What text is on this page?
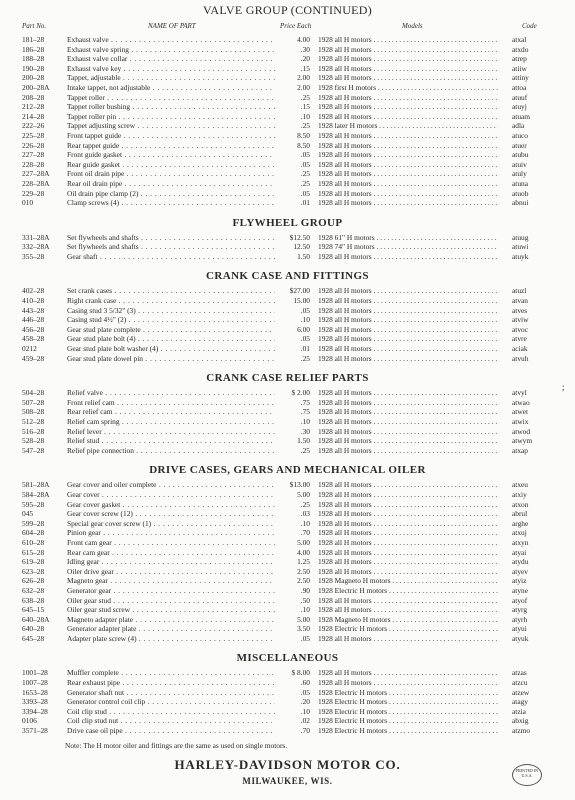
VALVE GROUP (CONTINUED)
Part No.	NAME OF PART	Price Each	Models	Code
181–28	Exhaust valve . . .	4.00 1928 all H motors . . .	atxal
186–28	Exhaust valve spring . . .	.30 1928 all H motors . . .	atxdo
188–28	Exhaust valve collar . . .	.20 1928 all H motors . . .	atrep
190–28	Exhaust valve key . . .	.15 1928 all H motors . . .	atiiw
200–28	Tappet, adjustable . . .	2.00 1928 all H motors . . .	attiny
200–28A	Intake tappet, not adjustable . . .	2.00 1928 first H motors . . .	attoa
208–28	Tappet roller . . .	.25 1928 all H motors . . .	atuuf
212–28	Tappet roller bushing . . .	.15 1928 all H motors . . .	atuyj
214–28	Tappet roller pin . . .	.10 1928 all H motors . . .	atuam
222–26	Tappet adjusting screw . . .	.25 1928 later H motors . . .	adla
225–28	Front tappet guide . . .	8.50 1928 all H motors . . .	atuco
226–28	Rear tappet guide . . .	8.50 1928 all H motors . . .	atuer
227–28	Front guide gasket . . .	.05 1928 all H motors . . .	atubu
228–28	Rear guide gasket . . .	.05 1928 all H motors . . .	atuiv
227–28A	Front oil drain pipe . . .	.25 1928 all H motors . . .	atuly
228–28A	Rear oil drain pipe . . .	.25 1928 all H motors . . .	atuna
229–28	Oil drain pipe clamp (2) . . .	.05 1928 all H motors . . .	atuob
010	Clamp screws (4) . . .	.01 1928 all H motors . . .	abnui
FLYWHEEL GROUP
331–28A	Set flywheels and shafts . . .	$12.50 1928 61" H motors . . .	atuug
332–28A	Set flywheels and shafts . . .	12.50 1928 74" H motors . . .	atuwi
355–28	Gear shaft . . .	1.50 1928 all H motors . . .	atuyk
CRANK CASE AND FITTINGS
402–28	Set crank cases . . .	$27.00 1928 all H motors . . .	atuzl
410–28	Right crank case . . .	15.00 1928 all H motors . . .	atvan
443–28	Casing stud 3 5/32" (3) . . .	.05 1928 all H motors . . .	atves
446–28	Casing stud 4½" (2) . . .	.10 1928 all H motors . . .	atviw
456–28	Gear stud plate complete . . .	6.00 1928 all H motors . . .	atvoc
458–28	Gear stud plate bolt (4) . . .	.05 1928 all H motors . . .	atvre
0212	Gear stud plate bolt washer (4) . . .	.01 1928 all H motors . . .	aciak
459–28	Gear stud plate dowel pin . . .	.25 1928 all H motors . . .	atvuh
CRANK CASE RELIEF PARTS
504–28	Relief valve . . .	$ 2.00 1928 all H motors . . .	atvyl
507–28	Front relief cam . . .	.75 1928 all H motors . . .	atwao
508–28	Rear relief cam . . .	.75 1928 all H motors . . .	atwet
512–28	Relief cam spring . . .	.10 1928 all H motors . . .	atwix
516–28	Relief lever . . .	.30 1928 all H motors . . .	atwod
528–28	Relief stud . . .	1.50 1928 all H motors . . .	atwym
547–28	Relief pipe connection . . .	.25 1928 all H motors . . .	atxap
DRIVE CASES, GEARS AND MECHANICAL OILER
581–28A	Gear cover and oiler complete . . .	$13.00 1928 all H motors . . .	atxeu
584–28A	Gear cover . . .	5.00 1928 all H motors . . .	atxiy
595–28	Gear cover gasket . . .	.25 1928 all H motors . . .	atxon
045	Gear cover screw (12) . . .	.03 1928 all H motors . . .	abrul
599–28	Special gear cover screw (1) . . .	.10 1928 all H motors . . .	arghe
604–28	Pinion gear . . .	.70 1928 all H motors . . .	atxuj
610–28	Front cam gear . . .	5.00 1928 all H motors . . .	atxyn
615–28	Rear cam gear . . .	4.00 1928 all H motors . . .	atyai
619–28	Idling gear . . .	1.25 1928 all H motors . . .	atydu
623–28	Oiler drive gear . . .	2.50 1928 all H motors . . .	atyev
626–28	Magneto gear . . .	2.50 1928 Magneto H motors . . .	atyiz
632–28	Generator gear . . .	.90 1928 Electric H motors . . .	atyne
638–28	Oiler gear stud . . .	.50 1928 all H motors . . .	atyof
645–15	Oiler gear stud screw . . .	.10 1928 all H motors . . .	atyrg
640–28A	Magneto adapter plate . . .	5.00 1928 Magneto H motors . . .	atyrh
640–28	Generator adapter plate . . .	3.50 1928 Electric H motors . . .	atyui
645–28	Adapter plate screw (4) . . .	.05 1928 all H motors . . .	atyuk
MISCELLANEOUS
1001–28	Muffler complete . . .	$ 8.00 1928 all H motors . . .	atzas
1007–28	Rear exhaust pipe . . .	.60 1928 all H motors . . .	atzcu
1653–28	Generator shaft nut . . .	.05 1928 Electric H motors . . .	atzew
3393–28	Generator control coil clip . . .	.20 1928 Electric H motors . . .	atagy
3394–28	Coil clip stud . . .	.10 1928 Electric H motors . . .	atzia
0106	Coil clip stud nut . . .	.02 1928 Electric H motors . . .	abxig
3571–28	Drive case oil pipe . . .	.70 1928 Electric H motors . . .	atzmo
Note: The H motor oiler and fittings are the same as used on single motors.
HARLEY-DAVIDSON MOTOR CO.
MILWAUKEE, WIS.
PRINTED IN U.S.A.
;
